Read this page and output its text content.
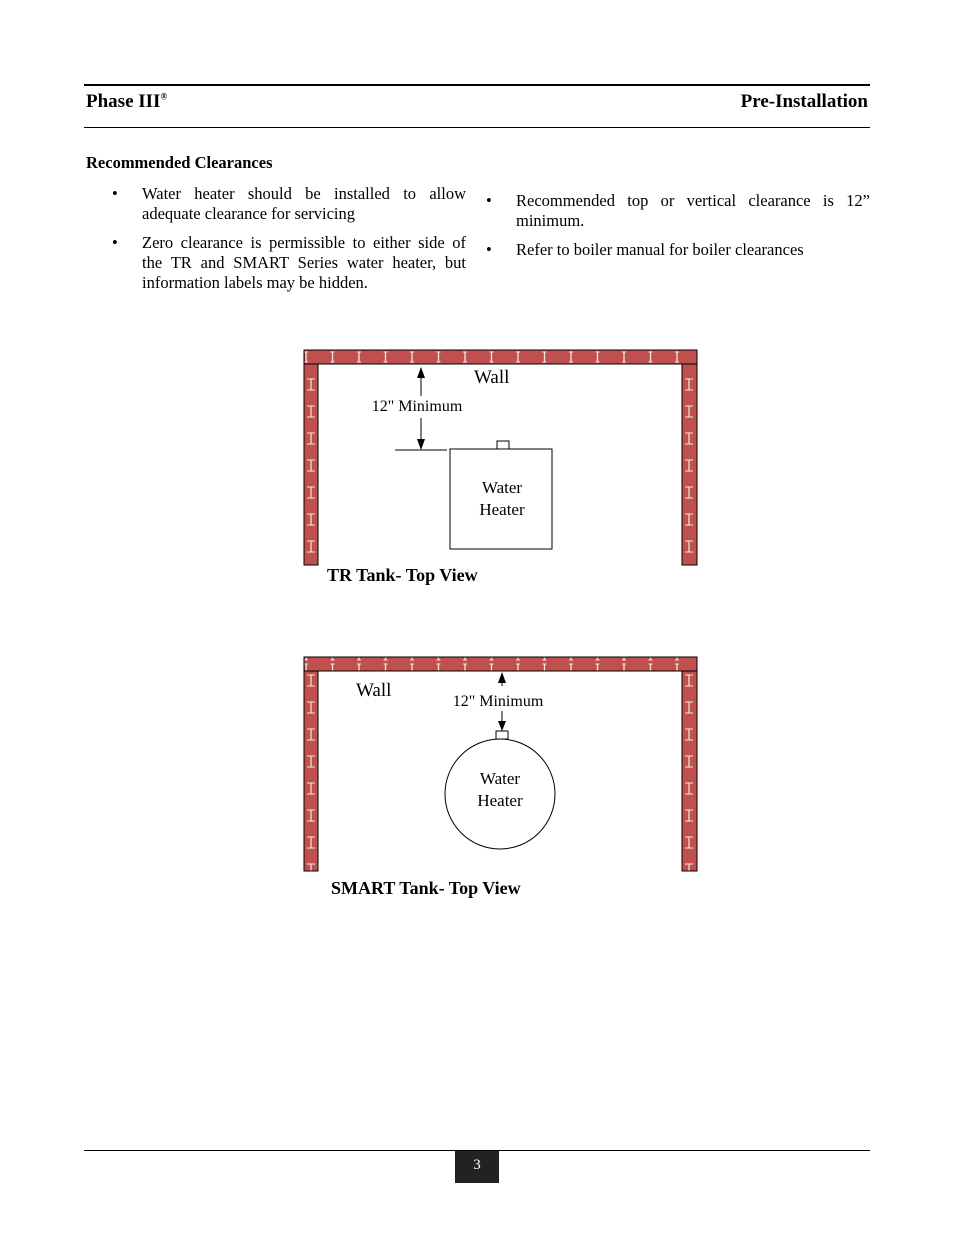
Phase III®	Pre-Installation
Recommended Clearances
• Water heater should be installed to allow adequate clearance for servicing
• Zero clearance is permissible to either side of the TR and SMART Series water heater, but information labels may be hidden.
• Recommended top or vertical clearance is 12” minimum.
• Refer to boiler manual for boiler clearances
Wall
12" Minimum
Water
Heater
TR Tank- Top View
Wall
12" Minimum
Water
Heater
SMART Tank- Top View
3
